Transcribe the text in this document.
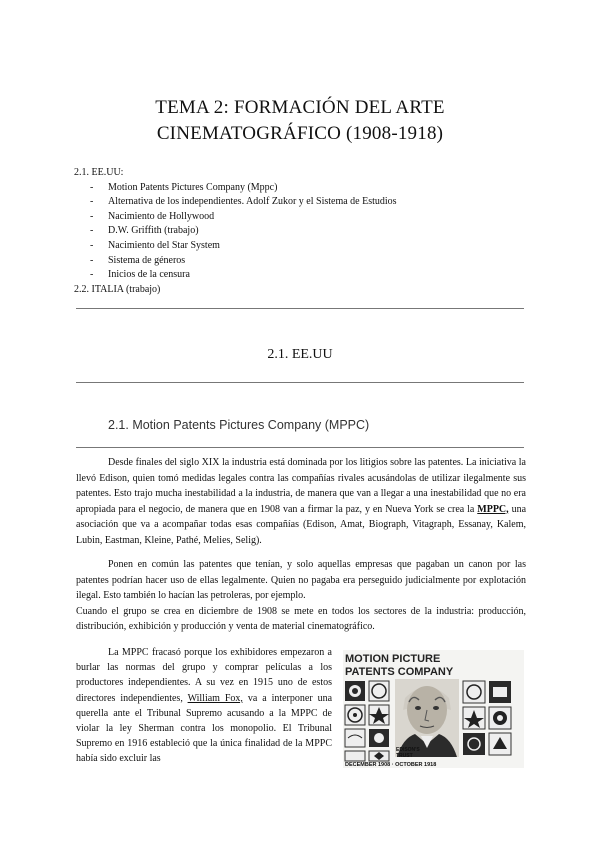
TEMA 2: FORMACIÓN DEL ARTE
CINEMATOGRÁFICO (1908-1918)
2.1. EE.UU:
- Motion Patents Pictures Company (Mppc)
- Alternativa de los independientes. Adolf Zukor y el Sistema de Estudios
- Nacimiento de Hollywood
- D.W. Griffith (trabajo)
- Nacimiento del Star System
- Sistema de géneros
- Inicios de la censura
2.2. ITALIA (trabajo)
2.1. EE.UU
2.1. Motion Patents Pictures Company (MPPC)

Desde finales del siglo XIX la industria está dominada por los litigios sobre las patentes. La iniciativa la llevó Edison, quien tomó medidas legales contra las compañías rivales acusándolas de utilizar ilegalmente sus patentes. Esto trajo mucha inestabilidad a la industria, de manera que van a llegar a una inestabilidad que no era apropiada para el negocio, de manera que en 1908 van a firmar la paz, y en Nueva York se crea la MPPC, una asociación que va a acompañar todas esas compañías (Edison, Amat, Biograph, Vitagraph, Essanay, Kalem, Lubin, Eastman, Kleine, Pathé, Melies, Selig).

Ponen en común las patentes que tenían, y solo aquellas empresas que pagaban un canon por las patentes podrían hacer uso de ellas legalmente. Quien no pagaba era perseguido judicialmente por explotación ilegal. Esto también lo hacían las petroleras, por ejemplo.

Cuando el grupo se crea en diciembre de 1908 se mete en todos los sectores de la industria: producción, distribución, exhibición y producción y venta de material cinematográfico.

La MPPC fracasó porque los exhibidores empezaron a burlar las normas del grupo y comprar películas a los productores independientes. A su vez en 1915 uno de estos directores independientes, William Fox, va a interponer una querella ante el Tribunal Supremo acusando a la MPPC de violar la ley Sherman contra los monopolio. El Tribunal Supremo en 1916 estableció que la única finalidad de la MPPC había sido excluir las

MOTION PICTURE
PATENTS COMPANY
EDISON'S
TRUST
DECEMBER 1908 · OCTOBER 1918
